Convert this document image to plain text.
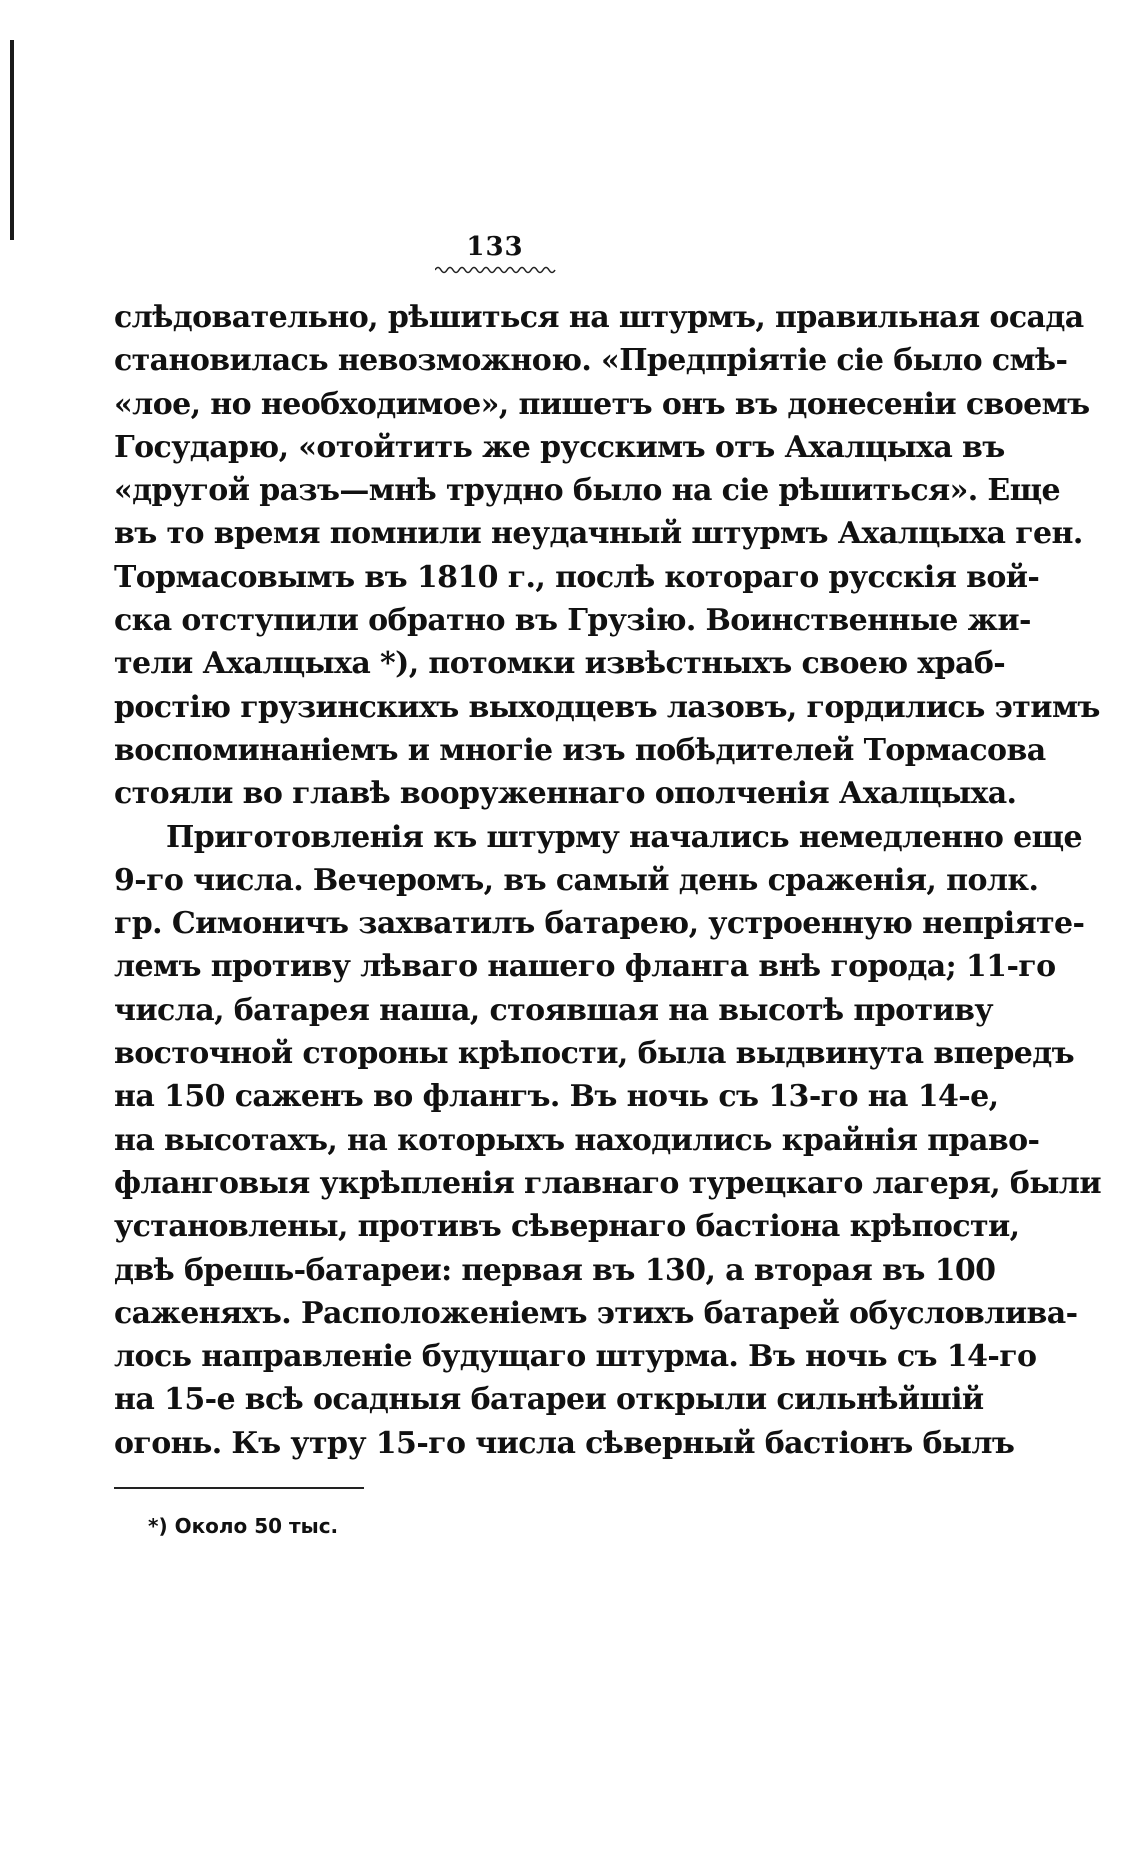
133
слѣдовательно, рѣшиться на штурмъ, правильная осада
становилась невозможною. «Предпріятіе сіе было смѣ-
«лое, но необходимое», пишетъ онъ въ донесеніи своемъ
Государю, «отойтить же русскимъ отъ Ахалцыха въ
«другой разъ—мнѣ трудно было на сіе рѣшиться». Еще
въ то время помнили неудачный штурмъ Ахалцыха ген.
Тормасовымъ въ 1810 г., послѣ котораго русскія вой-
ска отступили обратно въ Грузію. Воинственные жи-
тели Ахалцыха *), потомки извѣстныхъ своею храб-
ростію грузинскихъ выходцевъ лазовъ, гордились этимъ
воспоминаніемъ и многіе изъ побѣдителей Тормасова
стояли во главѣ вооруженнаго ополченія Ахалцыха.
Приготовленія къ штурму начались немедленно еще
9-го числа. Вечеромъ, въ самый день сраженія, полк.
гр. Симоничъ захватилъ батарею, устроенную непріяте-
лемъ противу лѣваго нашего фланга внѣ города; 11-го
числа, батарея наша, стоявшая на высотѣ противу
восточной стороны крѣпости, была выдвинута впередъ
на 150 саженъ во флангъ. Въ ночь съ 13-го на 14-е,
на высотахъ, на которыхъ находились крайнія право-
фланговыя укрѣпленія главнаго турецкаго лагеря, были
установлены, противъ сѣвернаго бастіона крѣпости,
двѣ брешь-батареи: первая въ 130, а вторая въ 100
саженяхъ. Расположеніемъ этихъ батарей обусловлива-
лось направленіе будущаго штурма. Въ ночь съ 14-го
на 15-е всѣ осадныя батареи открыли сильнѣйшій
огонь. Къ утру 15-го числа сѣверный бастіонъ былъ
*) Около 50 тыс.
